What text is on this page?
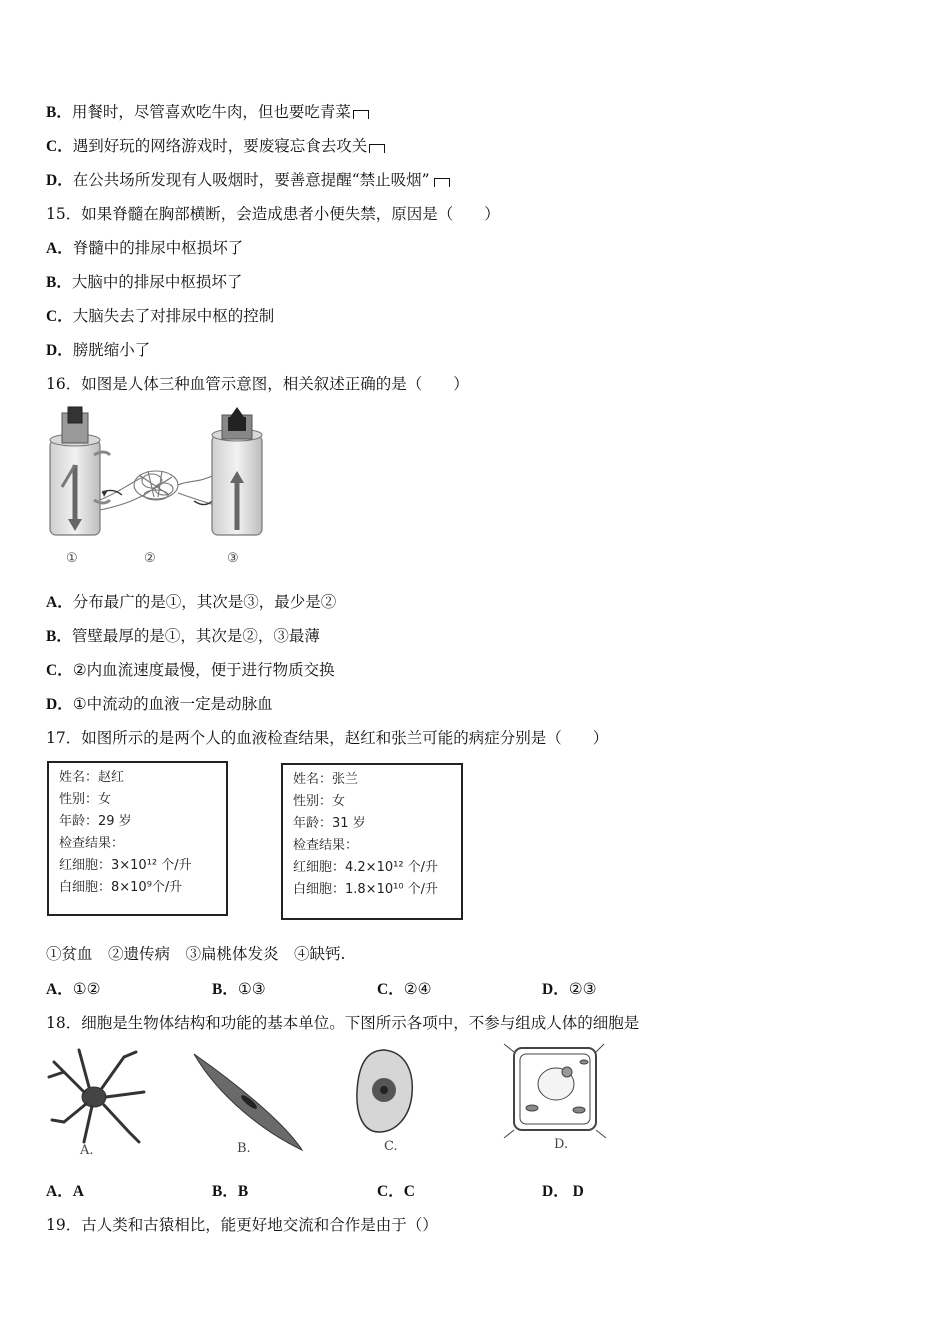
B．用餐时，尽管喜欢吃牛肉，但也要吃青菜
C．遇到好玩的网络游戏时，要废寝忘食去攻关
D．在公共场所发现有人吸烟时，要善意提醒“禁止吸烟”
15．如果脊髓在胸部横断，会造成患者小便失禁，原因是（　　）
A．脊髓中的排尿中枢损坏了
B．大脑中的排尿中枢损坏了
C．大脑失去了对排尿中枢的控制
D．膀胱缩小了
16．如图是人体三种血管示意图，相关叙述正确的是（　　）
①	②	③
A．分布最广的是①，其次是③，最少是②
B．管壁最厚的是①，其次是②，③最薄
C．②内血流速度最慢，便于进行物质交换
D．①中流动的血液一定是动脉血
17．如图所示的是两个人的血液检查结果，赵红和张兰可能的病症分别是（　　）
姓名：赵红
性别：女
年龄：29 岁
检查结果：
红细胞：3×10¹² 个/升
白细胞：8×10⁹个/升
姓名：张兰
性别：女
年龄：31 岁
检查结果：
红细胞：4.2×10¹² 个/升
白细胞：1.8×10¹⁰ 个/升
①贫血　②遗传病　③扁桃体发炎　④缺钙.
A．①②	B．①③	C．②④	D．②③
18．细胞是生物体结构和功能的基本单位。下图所示各项中，不参与组成人体的细胞是
A.	B.	C.	D.
A．A	B．B	C．C	D． D
19．古人类和古猿相比，能更好地交流和合作是由于（）
